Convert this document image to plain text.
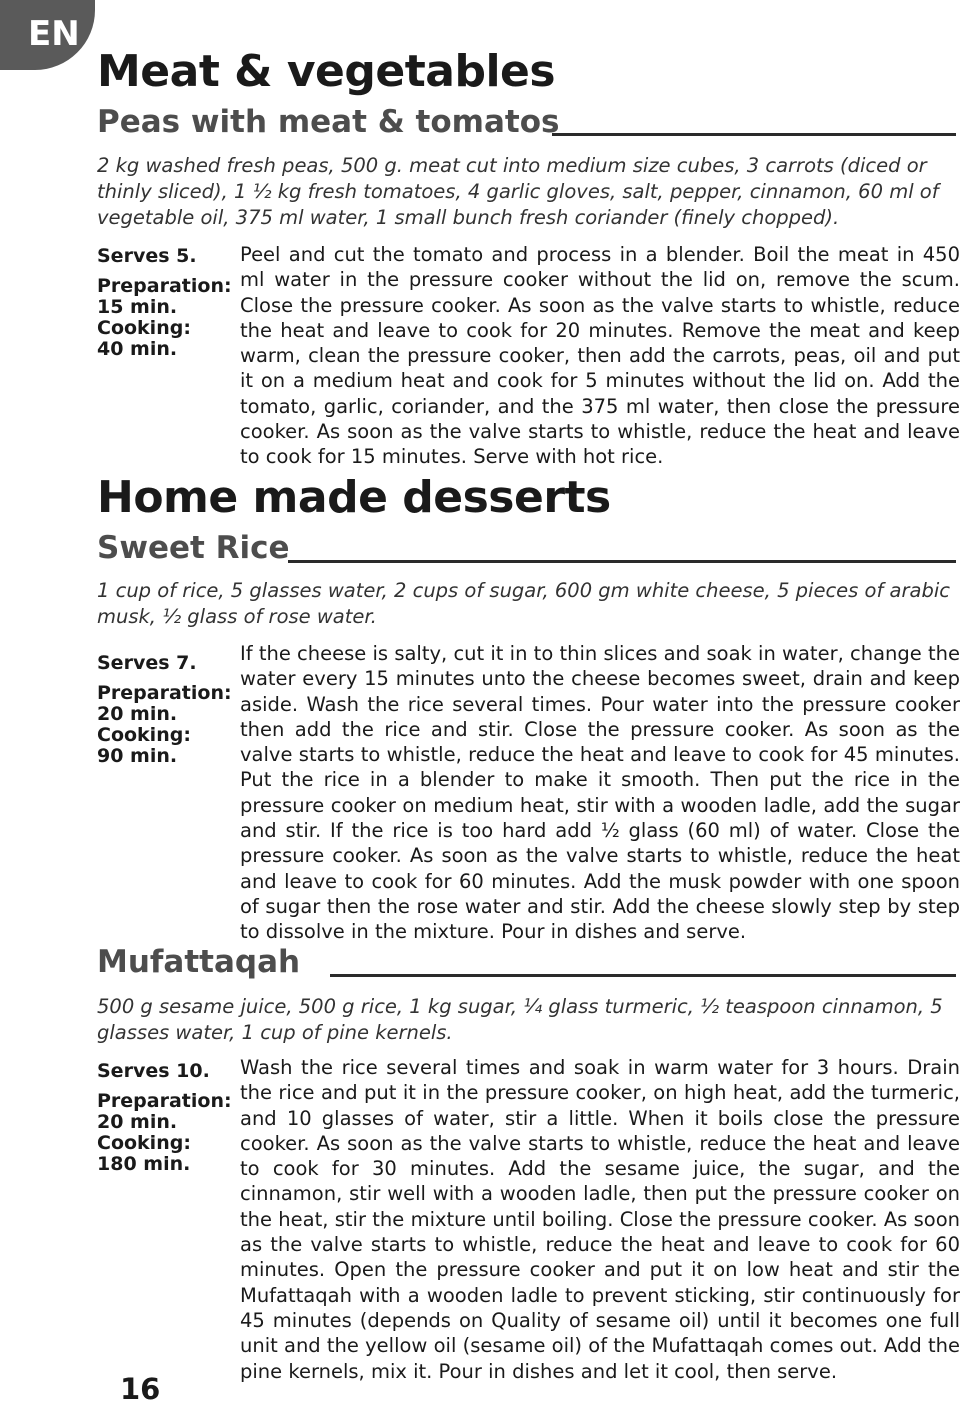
EN
Meat & vegetables
Peas with meat & tomatos

2 kg washed fresh peas, 500 g. meat cut into medium size cubes, 3 carrots (diced or thinly sliced), 1 ½ kg fresh tomatoes, 4 garlic gloves, salt, pepper, cinnamon, 60 ml of vegetable oil, 375 ml water, 1 small bunch fresh coriander (finely chopped).

Serves 5.
Preparation:
15 min.
Cooking:
40 min.

Peel and cut the tomato and process in a blender. Boil the meat in 450 ml water in the pressure cooker without the lid on, remove the scum. Close the pressure cooker. As soon as the valve starts to whistle, reduce the heat and leave to cook for 20 minutes. Remove the meat and keep warm, clean the pressure cooker, then add the carrots, peas, oil and put it on a medium heat and cook for 5 minutes without the lid on. Add the tomato, garlic, coriander, and the 375 ml water, then close the pressure cooker. As soon as the valve starts to whistle, reduce the heat and leave to cook for 15 minutes. Serve with hot rice.

Home made desserts
Sweet Rice

1 cup of rice, 5 glasses water, 2 cups of sugar, 600 gm white cheese, 5 pieces of arabic musk, ½ glass of rose water.

Serves 7.
Preparation:
20 min.
Cooking:
90 min.

If the cheese is salty, cut it in to thin slices and soak in water, change the water every 15 minutes unto the cheese becomes sweet, drain and keep aside. Wash the rice several times. Pour water into the pressure cooker then add the rice and stir. Close the pressure cooker. As soon as the valve starts to whistle, reduce the heat and leave to cook for 45 minutes. Put the rice in a blender to make it smooth. Then put the rice in the pressure cooker on medium heat, stir with a wooden ladle, add the sugar and stir. If the rice is too hard add ½ glass (60 ml) of water. Close the pressure cooker. As soon as the valve starts to whistle, reduce the heat and leave to cook for 60 minutes. Add the musk powder with one spoon of sugar then the rose water and stir. Add the cheese slowly step by step to dissolve in the mixture. Pour in dishes and serve.

Mufattaqah

500 g sesame juice, 500 g rice, 1 kg sugar, ¼ glass turmeric, ½ teaspoon cinnamon, 5 glasses water, 1 cup of pine kernels.

Serves 10.
Preparation:
20 min.
Cooking:
180 min.

Wash the rice several times and soak in warm water for 3 hours. Drain the rice and put it in the pressure cooker, on high heat, add the turmeric, and 10 glasses of water, stir a little. When it boils close the pressure cooker. As soon as the valve starts to whistle, reduce the heat and leave to cook for 30 minutes. Add the sesame juice, the sugar, and the cinnamon, stir well with a wooden ladle, then put the pressure cooker on the heat, stir the mixture until boiling. Close the pressure cooker. As soon as the valve starts to whistle, reduce the heat and leave to cook for 60 minutes. Open the pressure cooker and put it on low heat and stir the Mufattaqah with a wooden ladle to prevent sticking, stir continuously for 45 minutes (depends on Quality of sesame oil) until it becomes one full unit and the yellow oil (sesame oil) of the Mufattaqah comes out. Add the pine kernels, mix it. Pour in dishes and let it cool, then serve.

16
